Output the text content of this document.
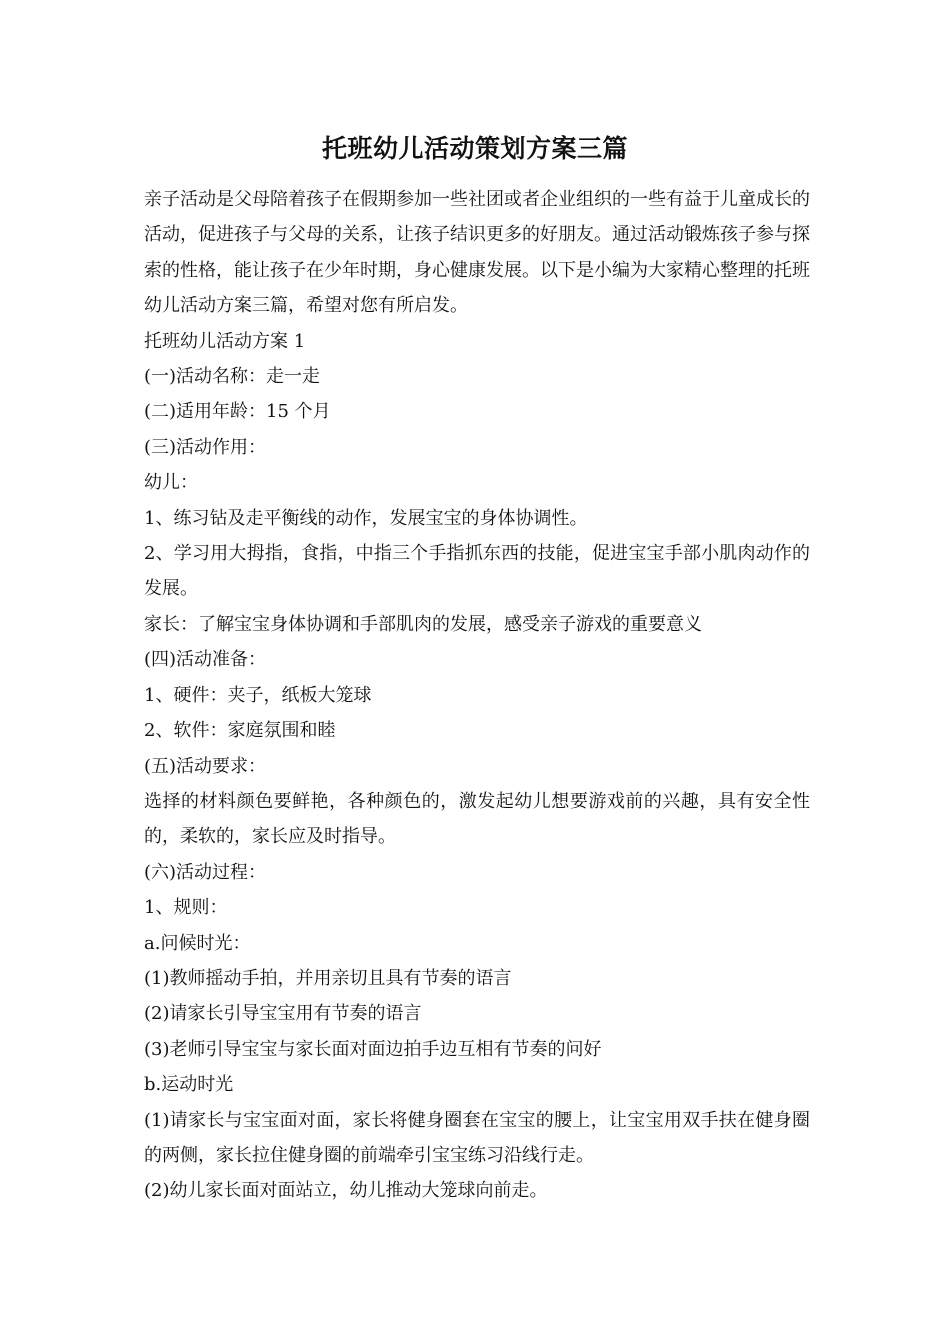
托班幼儿活动策划方案三篇

亲子活动是父母陪着孩子在假期参加一些社团或者企业组织的一些有益于儿童成长的活动，促进孩子与父母的关系，让孩子结识更多的好朋友。通过活动锻炼孩子参与探索的性格，能让孩子在少年时期，身心健康发展。以下是小编为大家精心整理的托班幼儿活动方案三篇，希望对您有所启发。

托班幼儿活动方案 1

(一)活动名称：走一走

(二)适用年龄：15 个月

(三)活动作用：

幼儿：

1、练习钻及走平衡线的动作，发展宝宝的身体协调性。

2、学习用大拇指，食指，中指三个手指抓东西的技能，促进宝宝手部小肌肉动作的发展。

家长：了解宝宝身体协调和手部肌肉的发展，感受亲子游戏的重要意义

(四)活动准备：

1、硬件：夹子，纸板大笼球

2、软件：家庭氛围和睦

(五)活动要求：

选择的材料颜色要鲜艳，各种颜色的，激发起幼儿想要游戏前的兴趣，具有安全性的，柔软的，家长应及时指导。

(六)活动过程：

1、规则：

a.问候时光：

(1)教师摇动手拍，并用亲切且具有节奏的语言

(2)请家长引导宝宝用有节奏的语言

(3)老师引导宝宝与家长面对面边拍手边互相有节奏的问好

b.运动时光

(1)请家长与宝宝面对面，家长将健身圈套在宝宝的腰上，让宝宝用双手扶在健身圈的两侧，家长拉住健身圈的前端牵引宝宝练习沿线行走。

(2)幼儿家长面对面站立，幼儿推动大笼球向前走。
